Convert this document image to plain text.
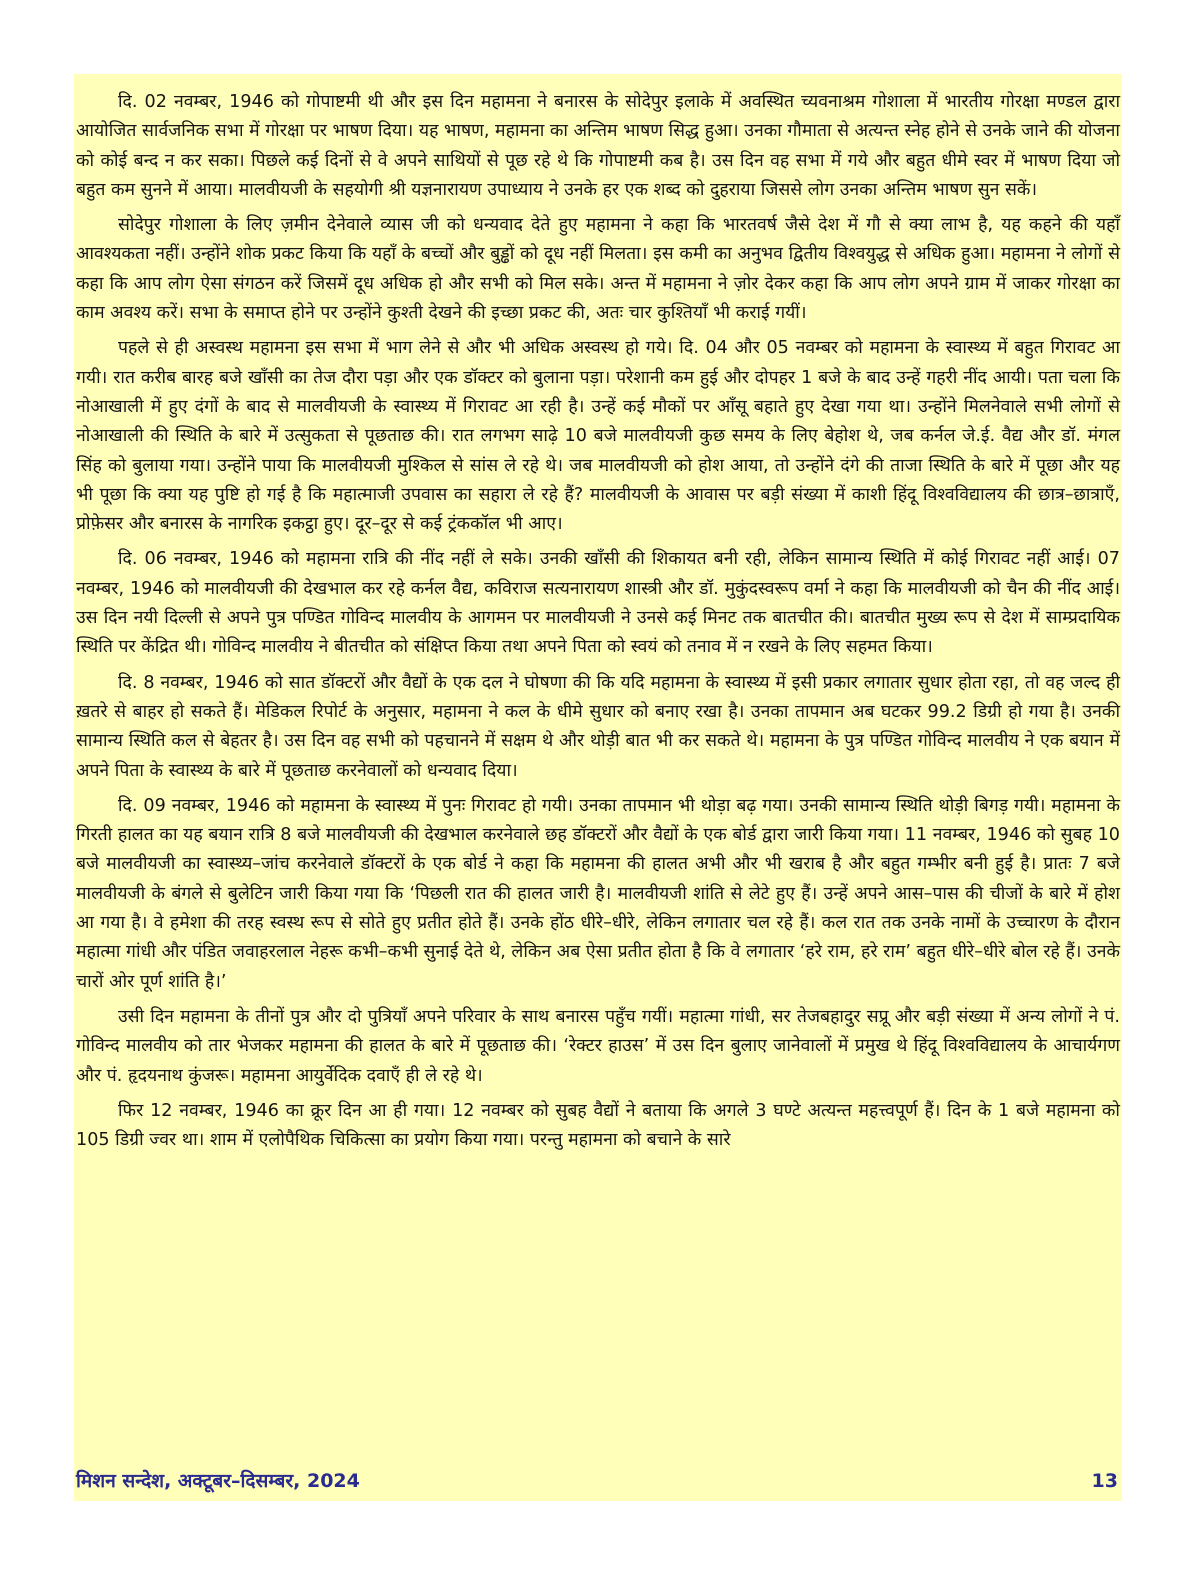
दि. 02 नवम्बर, 1946 को गोपाष्टमी थी और इस दिन महामना ने बनारस के सोदेपुर इलाके में अवस्थित च्यवनाश्रम गोशाला में भारतीय गोरक्षा मण्डल द्वारा आयोजित सार्वजनिक सभा में गोरक्षा पर भाषण दिया। यह भाषण, महामना का अन्तिम भाषण सिद्ध हुआ। उनका गौमाता से अत्यन्त स्नेह होने से उनके जाने की योजना को कोई बन्द न कर सका। पिछले कई दिनों से वे अपने साथियों से पूछ रहे थे कि गोपाष्टमी कब है। उस दिन वह सभा में गये और बहुत धीमे स्वर में भाषण दिया जो बहुत कम सुनने में आया। मालवीयजी के सहयोगी श्री यज्ञनारायण उपाध्याय ने उनके हर एक शब्द को दुहराया जिससे लोग उनका अन्तिम भाषण सुन सकें।

सोदेपुर गोशाला के लिए ज़मीन देनेवाले व्यास जी को धन्यवाद देते हुए महामना ने कहा कि भारतवर्ष जैसे देश में गौ से क्या लाभ है, यह कहने की यहाँ आवश्यकता नहीं। उन्होंने शोक प्रकट किया कि यहाँ के बच्चों और बुड्ढों को दूध नहीं मिलता। इस कमी का अनुभव द्वितीय विश्वयुद्ध से अधिक हुआ। महामना ने लोगों से कहा कि आप लोग ऐसा संगठन करें जिसमें दूध अधिक हो और सभी को मिल सके। अन्त में महामना ने ज़ोर देकर कहा कि आप लोग अपने ग्राम में जाकर गोरक्षा का काम अवश्य करें। सभा के समाप्त होने पर उन्होंने कुश्ती देखने की इच्छा प्रकट की, अतः चार कुश्तियाँ भी कराई गयीं।

पहले से ही अस्वस्थ महामना इस सभा में भाग लेने से और भी अधिक अस्वस्थ हो गये। दि. 04 और 05 नवम्बर को महामना के स्वास्थ्य में बहुत गिरावट आ गयी। रात करीब बारह बजे खाँसी का तेज दौरा पड़ा और एक डॉक्टर को बुलाना पड़ा। परेशानी कम हुई और दोपहर 1 बजे के बाद उन्हें गहरी नींद आयी। पता चला कि नोआखाली में हुए दंगों के बाद से मालवीयजी के स्वास्थ्य में गिरावट आ रही है। उन्हें कई मौकों पर आँसू बहाते हुए देखा गया था। उन्होंने मिलनेवाले सभी लोगों से नोआखाली की स्थिति के बारे में उत्सुकता से पूछताछ की। रात लगभग साढ़े 10 बजे मालवीयजी कुछ समय के लिए बेहोश थे, जब कर्नल जे.ई. वैद्य और डॉ. मंगल सिंह को बुलाया गया। उन्होंने पाया कि मालवीयजी मुश्किल से सांस ले रहे थे। जब मालवीयजी को होश आया, तो उन्होंने दंगे की ताजा स्थिति के बारे में पूछा और यह भी पूछा कि क्या यह पुष्टि हो गई है कि महात्माजी उपवास का सहारा ले रहे हैं? मालवीयजी के आवास पर बड़ी संख्या में काशी हिंदू विश्वविद्यालय की छात्र–छात्राएँ, प्रोफ़ेसर और बनारस के नागरिक इकट्ठा हुए। दूर–दूर से कई ट्रंककॉल भी आए।

दि. 06 नवम्बर, 1946 को महामना रात्रि की नींद नहीं ले सके। उनकी खाँसी की शिकायत बनी रही, लेकिन सामान्य स्थिति में कोई गिरावट नहीं आई। 07 नवम्बर, 1946 को मालवीयजी की देखभाल कर रहे कर्नल वैद्य, कविराज सत्यनारायण शास्त्री और डॉ. मुकुंदस्वरूप वर्मा ने कहा कि मालवीयजी को चैन की नींद आई। उस दिन नयी दिल्ली से अपने पुत्र पण्डित गोविन्द मालवीय के आगमन पर मालवीयजी ने उनसे कई मिनट तक बातचीत की। बातचीत मुख्य रूप से देश में साम्प्रदायिक स्थिति पर केंद्रित थी। गोविन्द मालवीय ने बीतचीत को संक्षिप्त किया तथा अपने पिता को स्वयं को तनाव में न रखने के लिए सहमत किया।

दि. 8 नवम्बर, 1946 को सात डॉक्टरों और वैद्यों के एक दल ने घोषणा की कि यदि महामना के स्वास्थ्य में इसी प्रकार लगातार सुधार होता रहा, तो वह जल्द ही ख़तरे से बाहर हो सकते हैं। मेडिकल रिपोर्ट के अनुसार, महामना ने कल के धीमे सुधार को बनाए रखा है। उनका तापमान अब घटकर 99.2 डिग्री हो गया है। उनकी सामान्य स्थिति कल से बेहतर है। उस दिन वह सभी को पहचानने में सक्षम थे और थोड़ी बात भी कर सकते थे। महामना के पुत्र पण्डित गोविन्द मालवीय ने एक बयान में अपने पिता के स्वास्थ्य के बारे में पूछताछ करनेवालों को धन्यवाद दिया।

दि. 09 नवम्बर, 1946 को महामना के स्वास्थ्य में पुनः गिरावट हो गयी। उनका तापमान भी थोड़ा बढ़ गया। उनकी सामान्य स्थिति थोड़ी बिगड़ गयी। महामना के गिरती हालत का यह बयान रात्रि 8 बजे मालवीयजी की देखभाल करनेवाले छह डॉक्टरों और वैद्यों के एक बोर्ड द्वारा जारी किया गया। 11 नवम्बर, 1946 को सुबह 10 बजे मालवीयजी का स्वास्थ्य–जांच करनेवाले डॉक्टरों के एक बोर्ड ने कहा कि महामना की हालत अभी और भी खराब है और बहुत गम्भीर बनी हुई है। प्रातः 7 बजे मालवीयजी के बंगले से बुलेटिन जारी किया गया कि ‘पिछली रात की हालत जारी है। मालवीयजी शांति से लेटे हुए हैं। उन्हें अपने आस–पास की चीजों के बारे में होश आ गया है। वे हमेशा की तरह स्वस्थ रूप से सोते हुए प्रतीत होते हैं। उनके होंठ धीरे–धीरे, लेकिन लगातार चल रहे हैं। कल रात तक उनके नामों के उच्चारण के दौरान महात्मा गांधी और पंडित जवाहरलाल नेहरू कभी–कभी सुनाई देते थे, लेकिन अब ऐसा प्रतीत होता है कि वे लगातार ‘हरे राम, हरे राम’ बहुत धीरे–धीरे बोल रहे हैं। उनके चारों ओर पूर्ण शांति है।’

उसी दिन महामना के तीनों पुत्र और दो पुत्रियाँ अपने परिवार के साथ बनारस पहुँच गयीं। महात्मा गांधी, सर तेजबहादुर सप्रू और बड़ी संख्या में अन्य लोगों ने पं. गोविन्द मालवीय को तार भेजकर महामना की हालत के बारे में पूछताछ की। ‘रेक्टर हाउस’ में उस दिन बुलाए जानेवालों में प्रमुख थे हिंदू विश्वविद्यालय के आचार्यगण और पं. हृदयनाथ कुंजरू। महामना आयुर्वेदिक दवाएँ ही ले रहे थे।

फिर 12 नवम्बर, 1946 का क्रूर दिन आ ही गया। 12 नवम्बर को सुबह वैद्यों ने बताया कि अगले 3 घण्टे अत्यन्त महत्त्वपूर्ण हैं। दिन के 1 बजे महामना को 105 डिग्री ज्वर था। शाम में एलोपैथिक चिकित्सा का प्रयोग किया गया। परन्तु महामना को बचाने के सारे

मिशन सन्देश, अक्टूबर–दिसम्बर, 2024	13
